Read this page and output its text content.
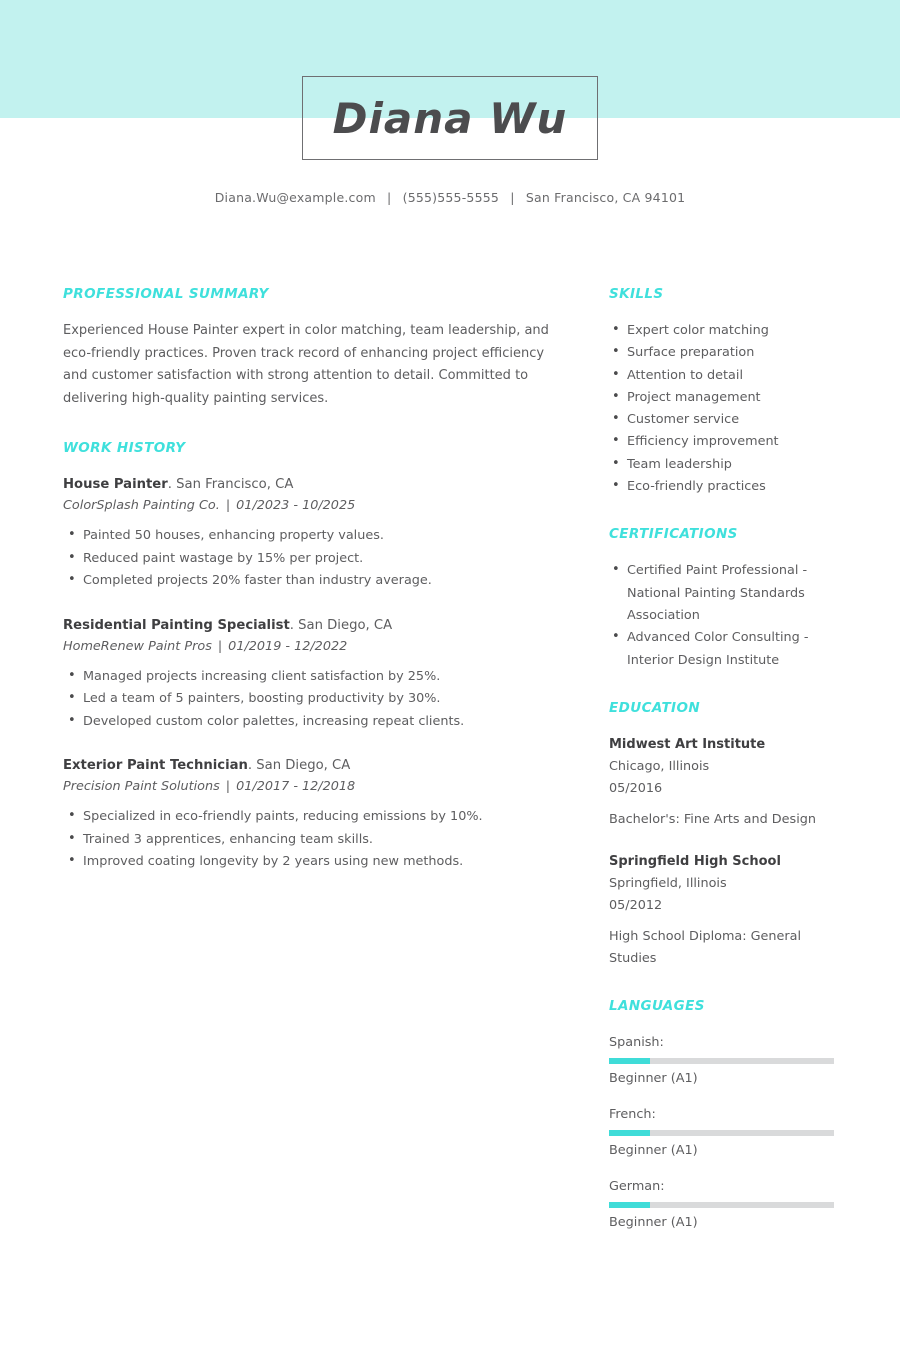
Diana Wu
Diana.Wu@example.com | (555)555-5555 | San Francisco, CA 94101
PROFESSIONAL SUMMARY
Experienced House Painter expert in color matching, team leadership, and eco-friendly practices. Proven track record of enhancing project efficiency and customer satisfaction with strong attention to detail. Committed to delivering high-quality painting services.
WORK HISTORY
House Painter. San Francisco, CA
ColorSplash Painting Co. | 01/2023 - 10/2025
• Painted 50 houses, enhancing property values.
• Reduced paint wastage by 15% per project.
• Completed projects 20% faster than industry average.
Residential Painting Specialist. San Diego, CA
HomeRenew Paint Pros | 01/2019 - 12/2022
• Managed projects increasing client satisfaction by 25%.
• Led a team of 5 painters, boosting productivity by 30%.
• Developed custom color palettes, increasing repeat clients.
Exterior Paint Technician. San Diego, CA
Precision Paint Solutions | 01/2017 - 12/2018
• Specialized in eco-friendly paints, reducing emissions by 10%.
• Trained 3 apprentices, enhancing team skills.
• Improved coating longevity by 2 years using new methods.
SKILLS
• Expert color matching
• Surface preparation
• Attention to detail
• Project management
• Customer service
• Efficiency improvement
• Team leadership
• Eco-friendly practices
CERTIFICATIONS
• Certified Paint Professional - National Painting Standards Association
• Advanced Color Consulting - Interior Design Institute
EDUCATION
Midwest Art Institute
Chicago, Illinois
05/2016
Bachelor's: Fine Arts and Design
Springfield High School
Springfield, Illinois
05/2012
High School Diploma: General Studies
LANGUAGES
Spanish:
Beginner (A1)
French:
Beginner (A1)
German:
Beginner (A1)
